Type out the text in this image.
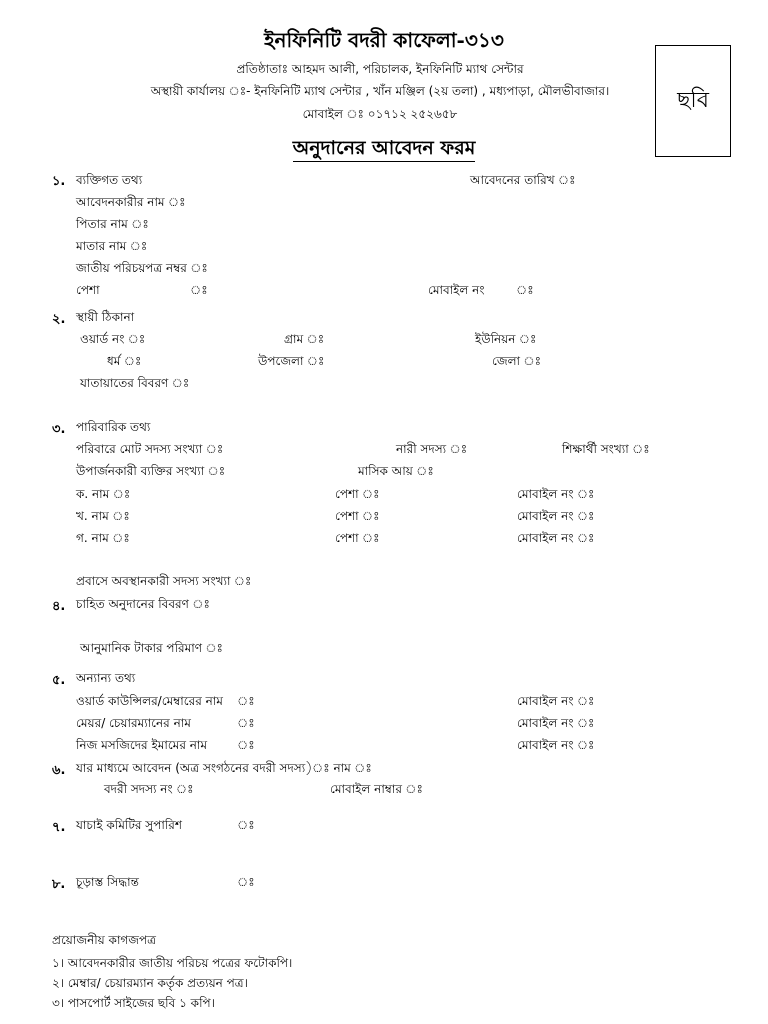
ইনফিনিটি বদরী কাফেলা-৩১৩
প্রতিষ্ঠাতাঃ আহমদ আলী, পরিচালক, ইনফিনিটি ম্যাথ সেন্টার
অস্থায়ী কার্যালয় ঃ- ইনফিনিটি ম্যাথ সেন্টার , খাঁন মঞ্জিল (২য় তলা) , মধ্যপাড়া, মৌলভীবাজার।
মোবাইল ঃ ০১৭১২ ২৫২৬৫৮
ছবি
অনুদানের আবেদন ফরম
১. ব্যক্তিগত তথ্য	আবেদনের তারিখ ঃ
আবেদনকারীর নাম ঃ
পিতার নাম ঃ
মাতার নাম ঃ
জাতীয় পরিচয়পত্র নম্বর ঃ
পেশা	ঃ	মোবাইল নং	ঃ
২. স্থায়ী ঠিকানা
ওয়ার্ড নং ঃ	গ্রাম ঃ	ইউনিয়ন ঃ
ধর্ম ঃ	উপজেলা ঃ	জেলা ঃ
যাতায়াতের বিবরণ ঃ
৩. পারিবারিক তথ্য
পরিবারে মোট সদস্য সংখ্যা ঃ	নারী সদস্য ঃ	শিক্ষার্থী সংখ্যা ঃ
উপার্জনকারী ব্যক্তির সংখ্যা ঃ	মাসিক আয় ঃ
ক. নাম ঃ	পেশা ঃ	মোবাইল নং ঃ
খ. নাম ঃ	পেশা ঃ	মোবাইল নং ঃ
গ. নাম ঃ	পেশা ঃ	মোবাইল নং ঃ
প্রবাসে অবস্থানকারী সদস্য সংখ্যা ঃ
৪. চাহিত অনুদানের বিবরণ ঃ
আনুমানিক টাকার পরিমাণ ঃ
৫. অন্যান্য তথ্য
ওয়ার্ড কাউন্সিলর/মেম্বারের নাম ঃ	মোবাইল নং ঃ
মেয়র/ চেয়ারম্যানের নাম	ঃ	মোবাইল নং ঃ
নিজ মসজিদের ইমামের নাম ঃ	মোবাইল নং ঃ
৬. যার মাধ্যমে আবেদন (অত্র সংগঠনের বদরী সদস্য)ঃ নাম ঃ
বদরী সদস্য নং ঃ	মোবাইল নাম্বার ঃ
৭. যাচাই কমিটির সুপারিশ	ঃ
৮. চূড়াস্ত সিদ্ধান্ত	ঃ
প্রয়োজনীয় কাগজপত্র
১। আবেদনকারীর জাতীয় পরিচয় পত্রের ফটোকপি।
২। মেম্বার/ চেয়ারম্যান কর্তৃক প্রত্যয়ন পত্র।
৩। পাসপোর্ট সাইজের ছবি ১ কপি।
